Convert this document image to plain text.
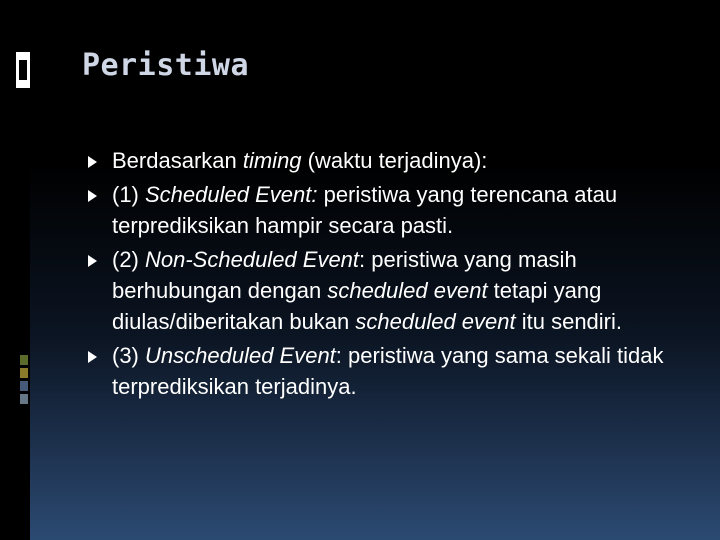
Peristiwa
Berdasarkan timing (waktu terjadinya):
(1) Scheduled Event: peristiwa yang terencana atau terprediksikan hampir secara pasti.
(2) Non-Scheduled Event: peristiwa yang masih berhubungan dengan scheduled event tetapi yang diulas/diberitakan bukan scheduled event itu sendiri.
(3) Unscheduled Event: peristiwa yang sama sekali tidak terprediksikan terjadinya.
